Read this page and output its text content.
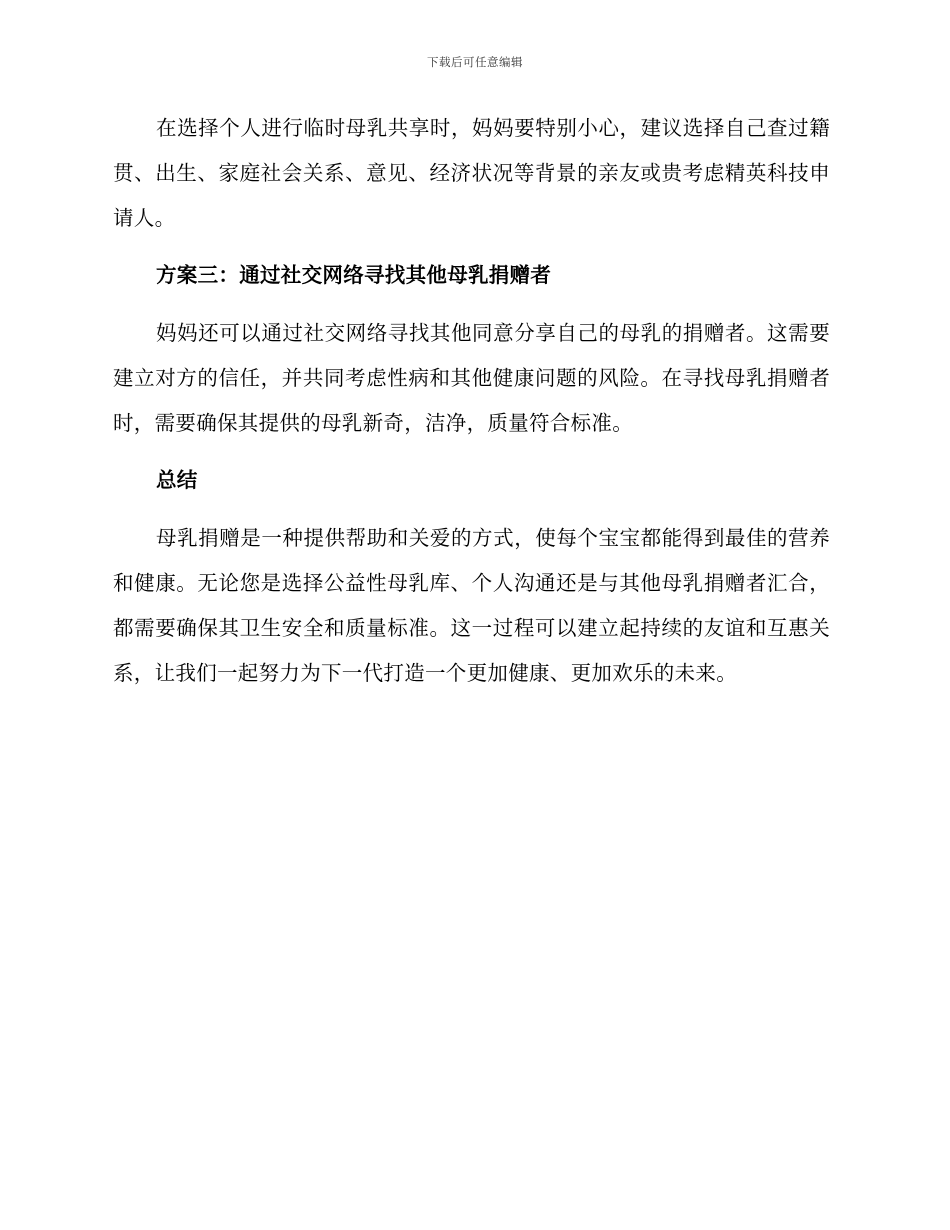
下载后可任意编辑

在选择个人进行临时母乳共享时，妈妈要特别小心，建议选择自己查过籍贯、出生、家庭社会关系、意见、经济状况等背景的亲友或贵考虑精英科技申请人。

方案三：通过社交网络寻找其他母乳捐赠者

妈妈还可以通过社交网络寻找其他同意分享自己的母乳的捐赠者。这需要建立对方的信任，并共同考虑性病和其他健康问题的风险。在寻找母乳捐赠者时，需要确保其提供的母乳新奇，洁净，质量符合标准。

总结

母乳捐赠是一种提供帮助和关爱的方式，使每个宝宝都能得到最佳的营养和健康。无论您是选择公益性母乳库、个人沟通还是与其他母乳捐赠者汇合，都需要确保其卫生安全和质量标准。这一过程可以建立起持续的友谊和互惠关系，让我们一起努力为下一代打造一个更加健康、更加欢乐的未来。
